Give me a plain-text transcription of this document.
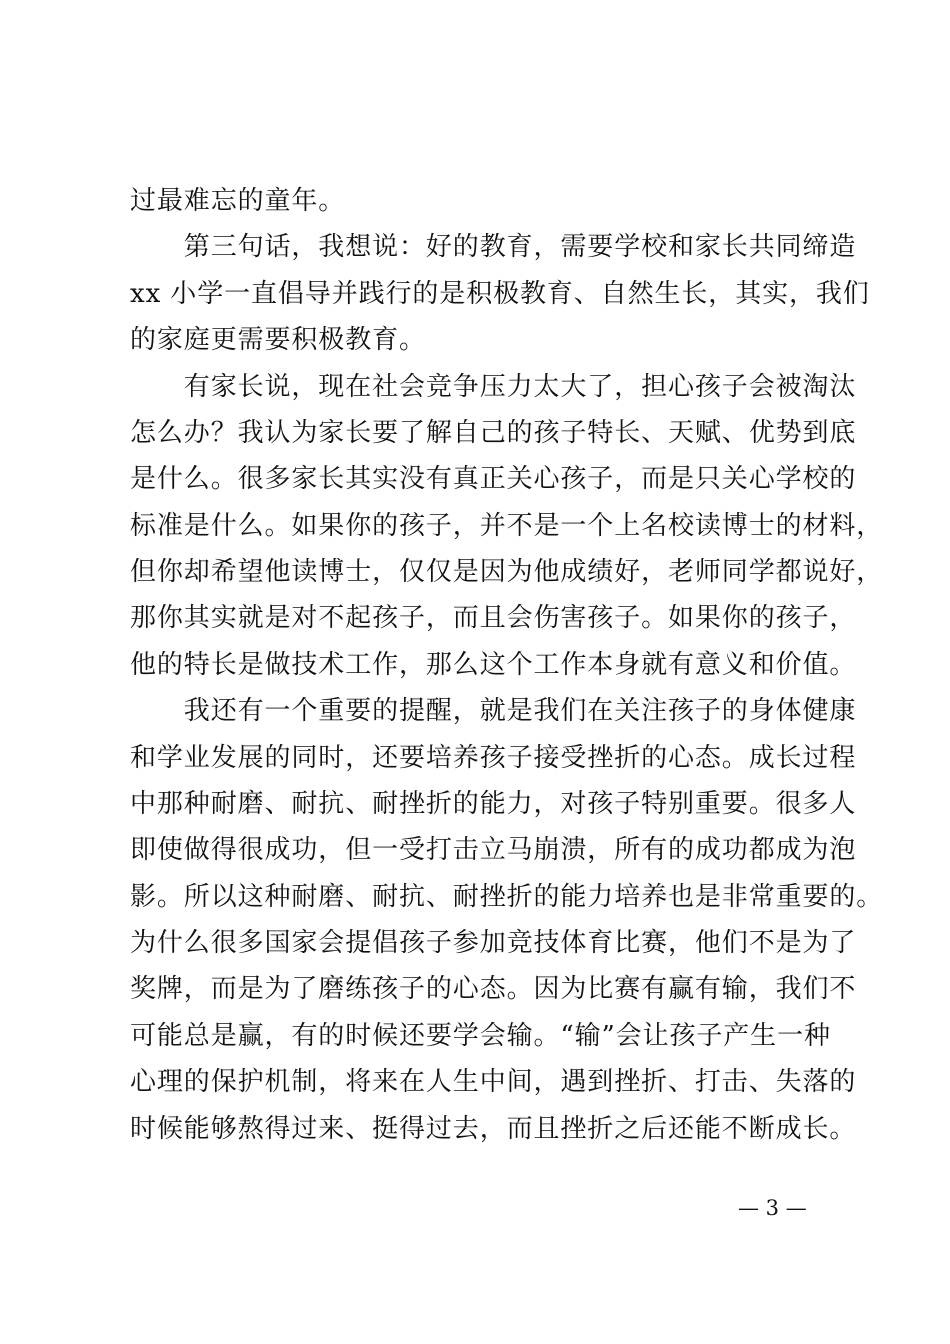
过最难忘的童年。
　　第三句话，我想说：好的教育，需要学校和家长共同缔造
xx 小学一直倡导并践行的是积极教育、自然生长，其实，我们
的家庭更需要积极教育。
　　有家长说，现在社会竞争压力太大了，担心孩子会被淘汰
怎么办？我认为家长要了解自己的孩子特长、天赋、优势到底
是什么。很多家长其实没有真正关心孩子，而是只关心学校的
标准是什么。如果你的孩子，并不是一个上名校读博士的材料，
但你却希望他读博士，仅仅是因为他成绩好，老师同学都说好，
那你其实就是对不起孩子，而且会伤害孩子。如果你的孩子，
他的特长是做技术工作，那么这个工作本身就有意义和价值。
　　我还有一个重要的提醒，就是我们在关注孩子的身体健康
和学业发展的同时，还要培养孩子接受挫折的心态。成长过程
中那种耐磨、耐抗、耐挫折的能力，对孩子特别重要。很多人
即使做得很成功，但一受打击立马崩溃，所有的成功都成为泡
影。所以这种耐磨、耐抗、耐挫折的能力培养也是非常重要的。
为什么很多国家会提倡孩子参加竞技体育比赛，他们不是为了
奖牌，而是为了磨练孩子的心态。因为比赛有赢有输，我们不
可能总是赢，有的时候还要学会输。“输”会让孩子产生一种
心理的保护机制，将来在人生中间，遇到挫折、打击、失落的
时候能够熬得过来、挺得过去，而且挫折之后还能不断成长。
— 3 —
